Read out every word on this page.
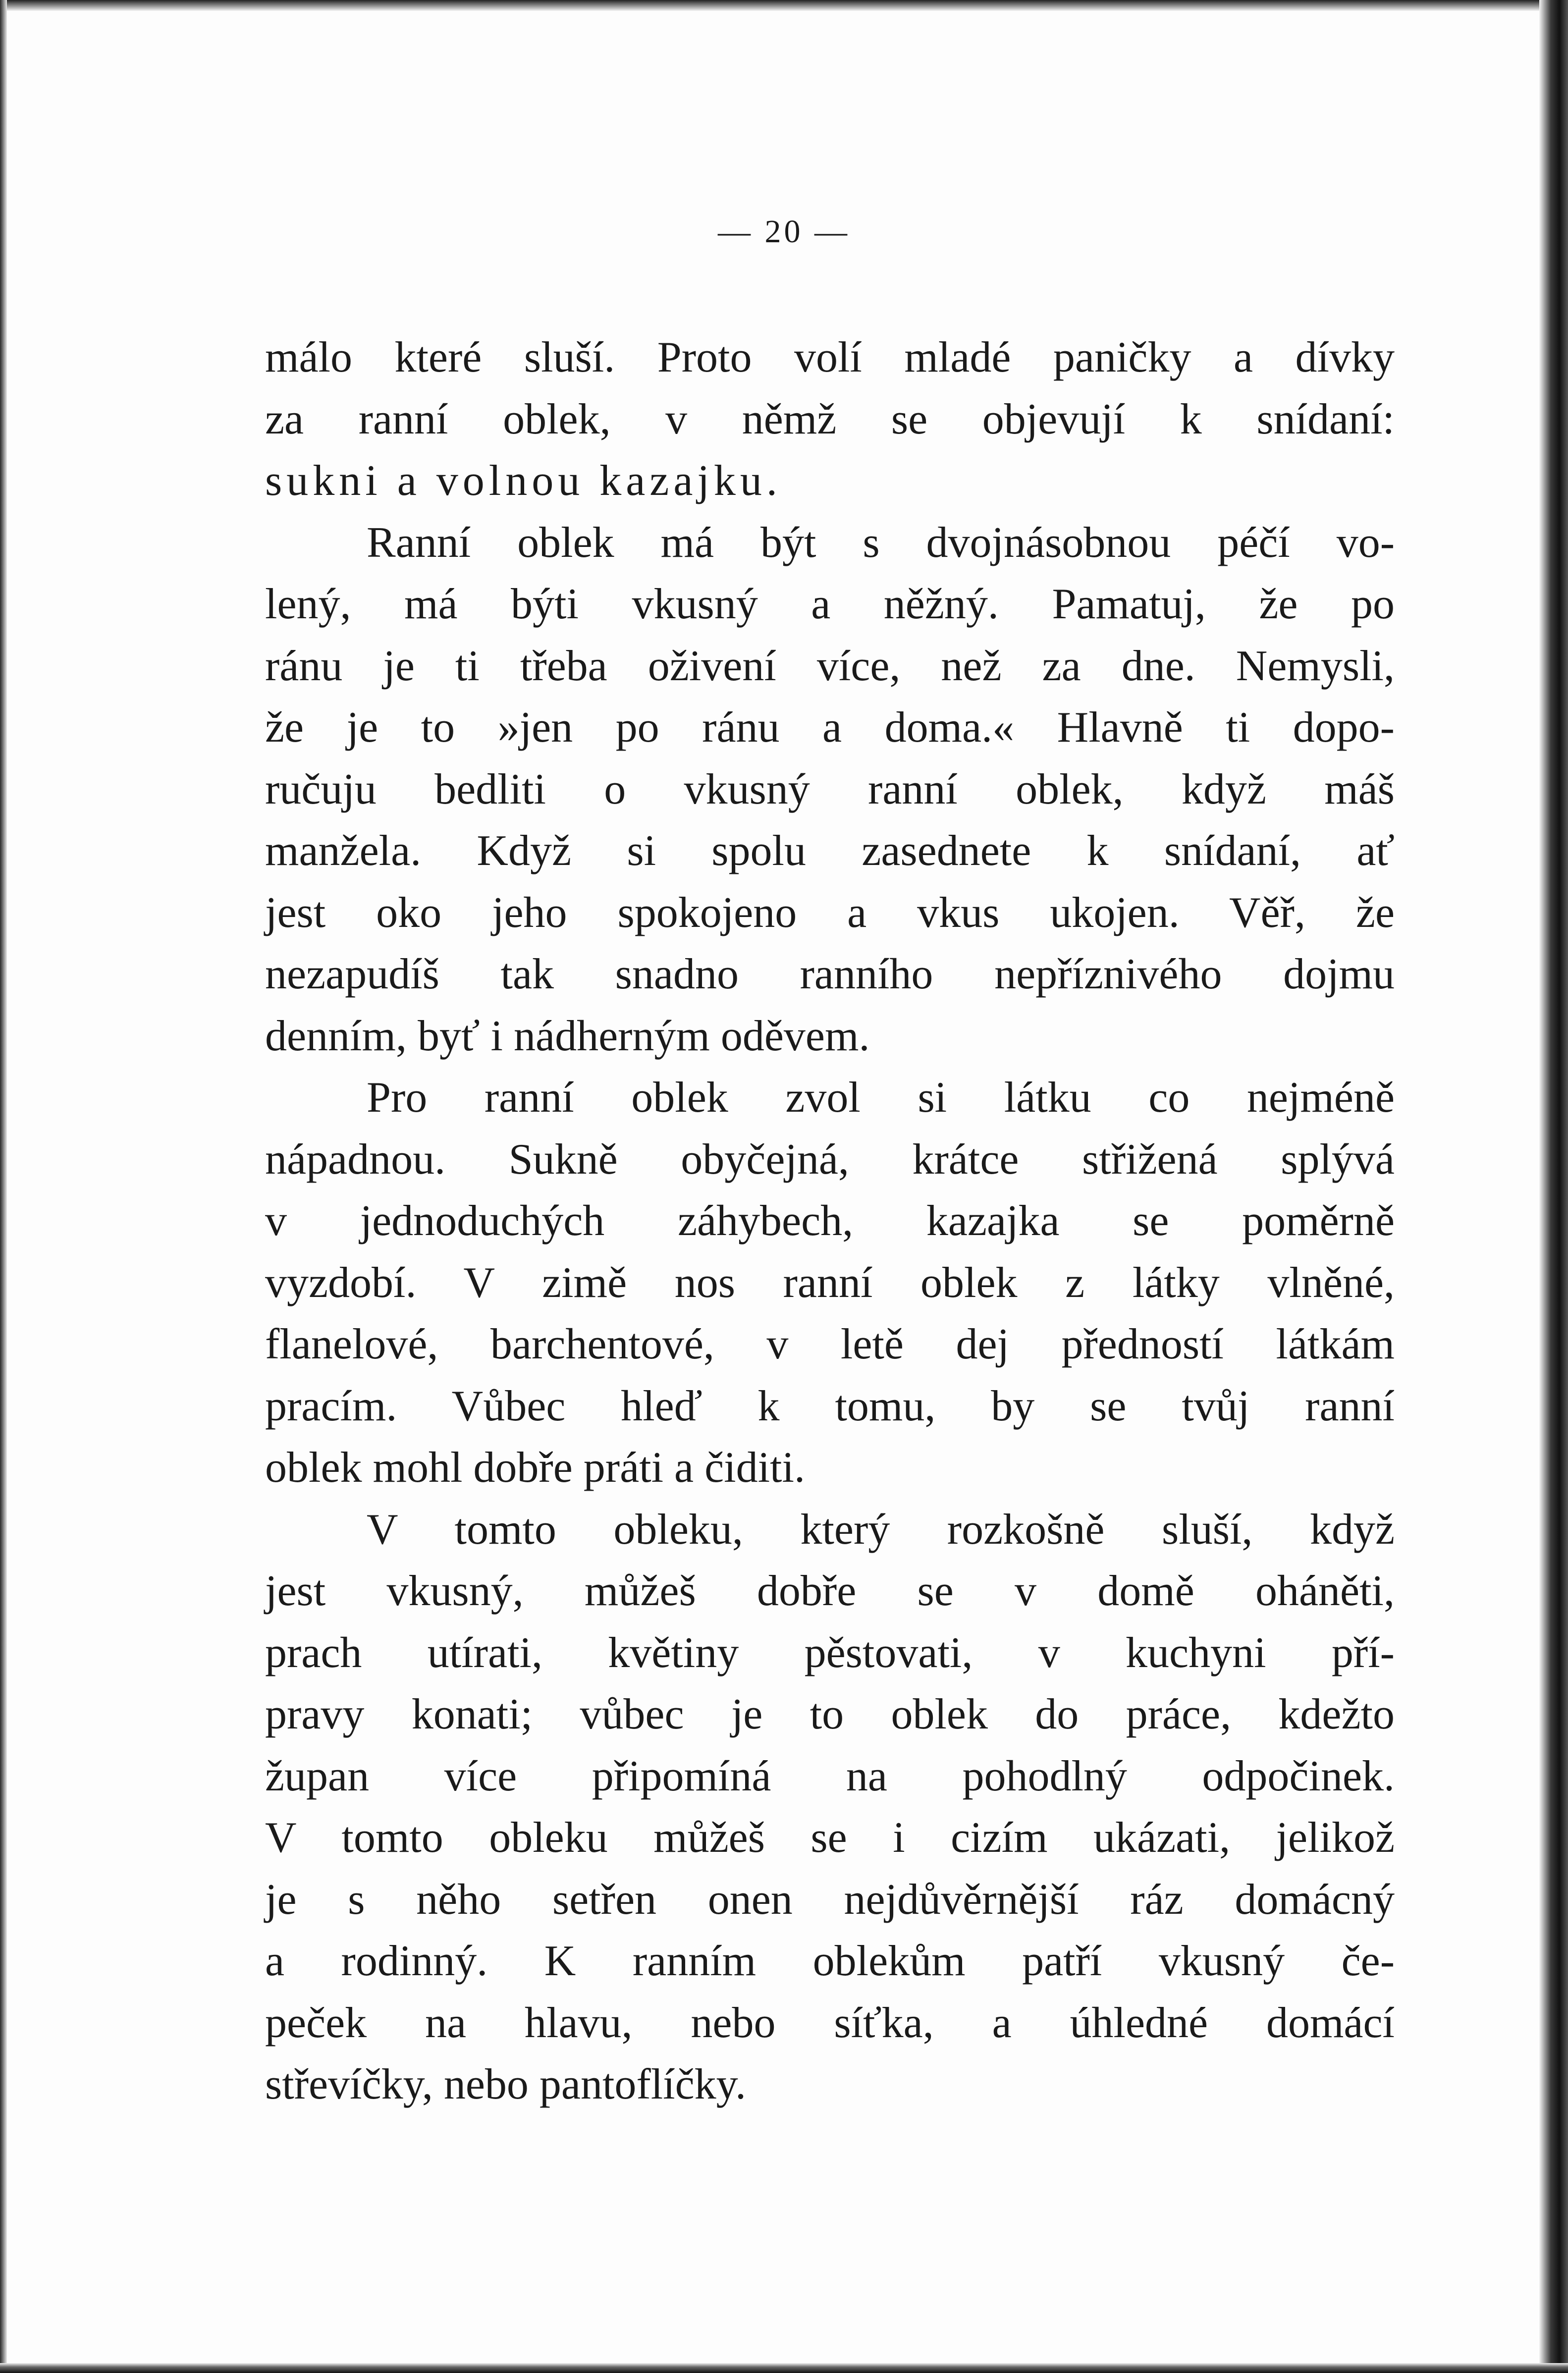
— 20 —
málo které sluší. Proto volí mladé paničky a dívky
za ranní oblek, v němž se objevují k snídaní:
sukni a volnou kazajku.
Ranní oblek má být s dvojnásobnou péčí vo-
lený, má býti vkusný a něžný. Pamatuj, že po
ránu je ti třeba oživení více, než za dne. Nemysli,
že je to »jen po ránu a doma.« Hlavně ti dopo-
ručuju bedliti o vkusný ranní oblek, když máš
manžela. Když si spolu zasednete k snídaní, ať
jest oko jeho spokojeno a vkus ukojen. Věř, že
nezapudíš tak snadno ranního nepříznivého dojmu
denním, byť i nádherným oděvem.
Pro ranní oblek zvol si látku co nejméně
nápadnou. Sukně obyčejná, krátce střižená splývá
v jednoduchých záhybech, kazajka se poměrně
vyzdobí. V zimě nos ranní oblek z látky vlněné,
flanelové, barchentové, v letě dej předností látkám
pracím. Vůbec hleď k tomu, by se tvůj ranní
oblek mohl dobře práti a čiditi.
V tomto obleku, který rozkošně sluší, když
jest vkusný, můžeš dobře se v domě oháněti,
prach utírati, květiny pěstovati, v kuchyni pří-
pravy konati; vůbec je to oblek do práce, kdežto
župan více připomíná na pohodlný odpočinek.
V tomto obleku můžeš se i cizím ukázati, jelikož
je s něho setřen onen nejdůvěrnější ráz domácný
a rodinný. K ranním oblekům patří vkusný če-
peček na hlavu, nebo síťka, a úhledné domácí
střevíčky, nebo pantoflíčky.
